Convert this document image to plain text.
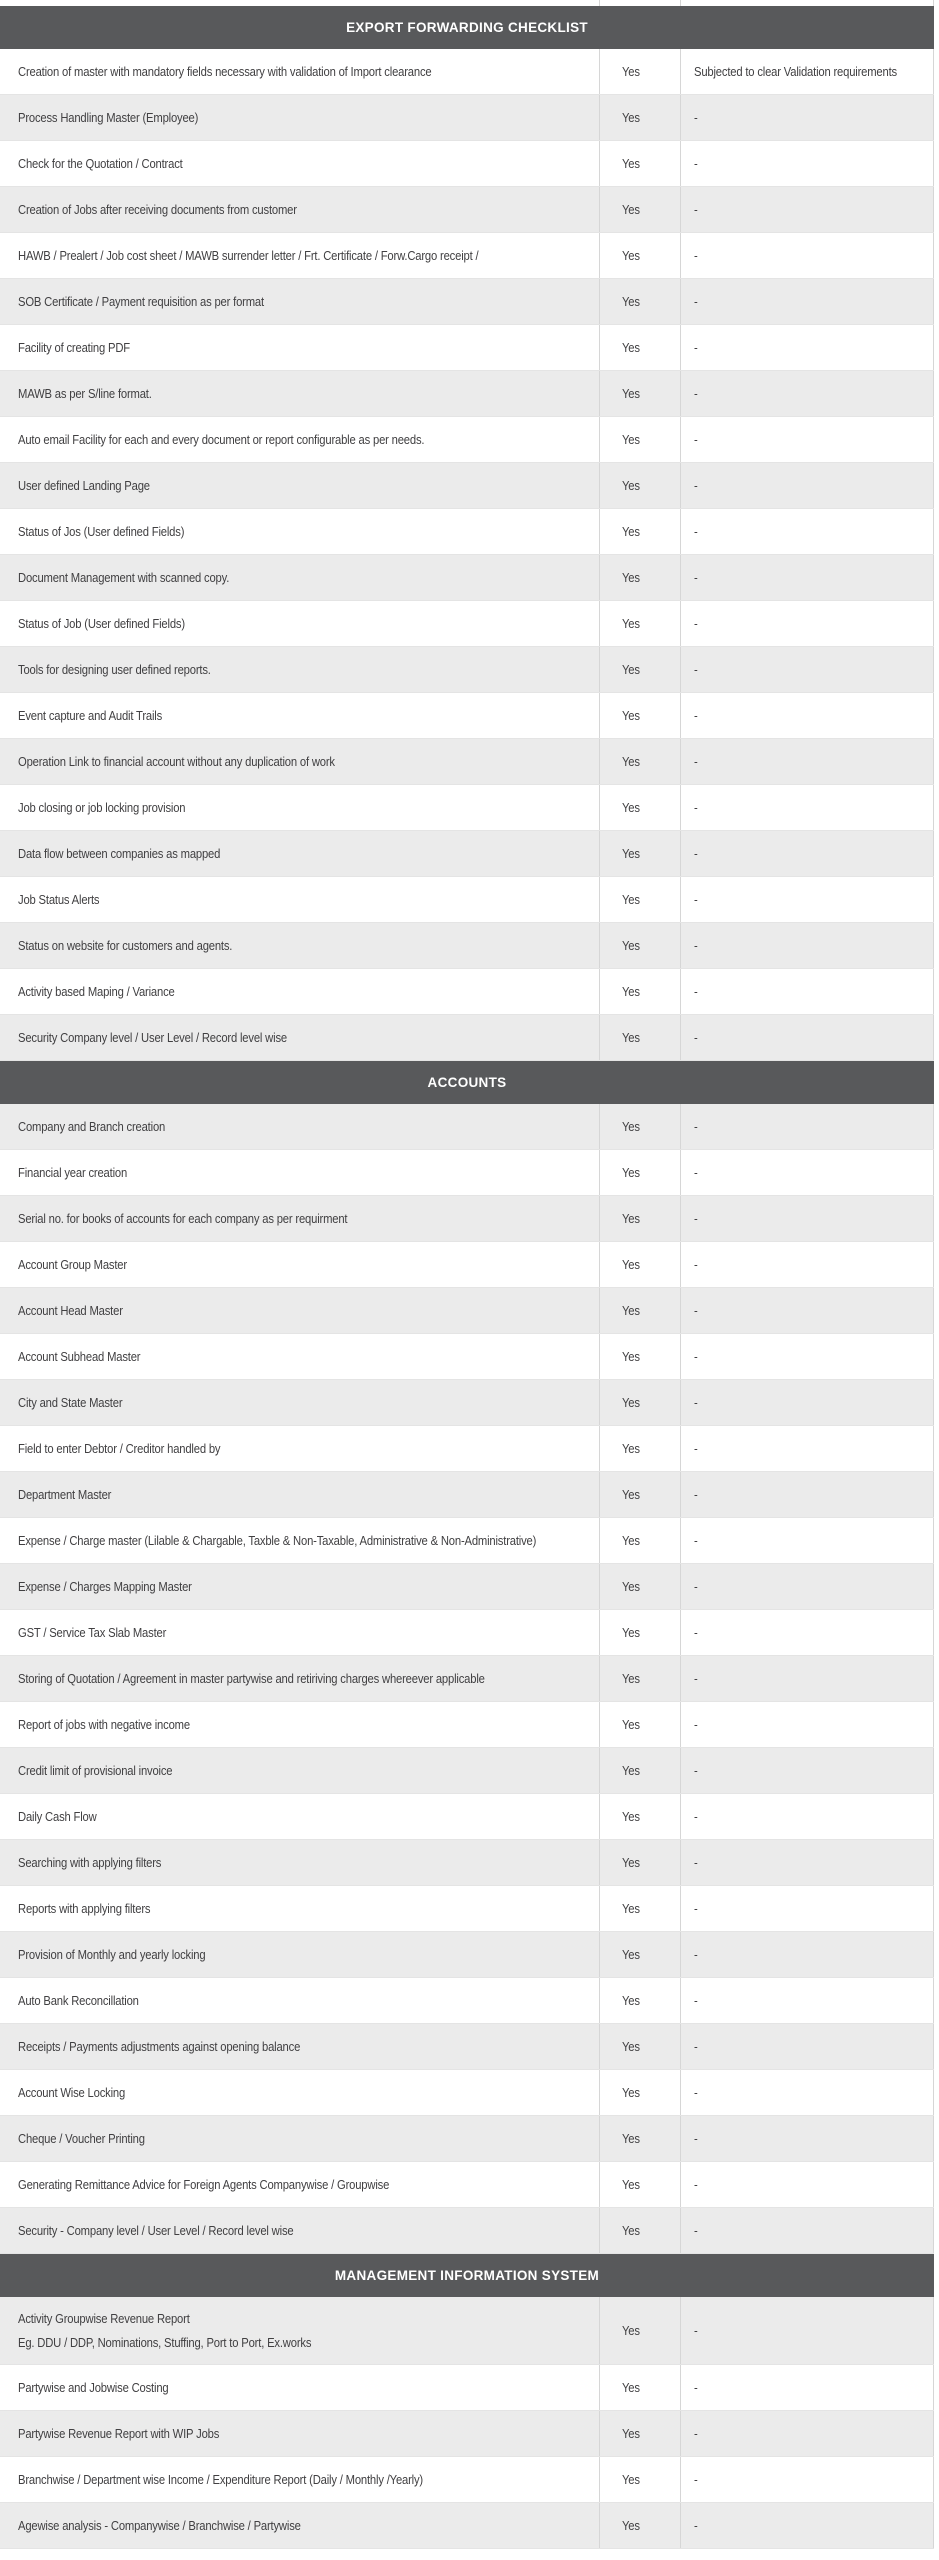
EXPORT FORWARDING CHECKLIST
Creation of master with mandatory fields necessary with validation of Import clearance	Yes	Subjected to clear Validation requirements
Process Handling Master (Employee)	Yes	-
Check for the Quotation / Contract	Yes	-
Creation of Jobs after receiving documents from customer	Yes	-
HAWB / Prealert / Job cost sheet / MAWB surrender letter / Frt. Certificate / Forw.Cargo receipt /	Yes	-
SOB Certificate / Payment requisition as per format	Yes	-
Facility of creating PDF	Yes	-
MAWB as per S/line format.	Yes	-
Auto email Facility for each and every document or report configurable as per needs.	Yes	-
User defined Landing Page	Yes	-
Status of Jos (User defined Fields)	Yes	-
Document Management with scanned copy.	Yes	-
Status of Job (User defined Fields)	Yes	-
Tools for designing user defined reports.	Yes	-
Event capture and Audit Trails	Yes	-
Operation Link to financial account without any duplication of work	Yes	-
Job closing or job locking provision	Yes	-
Data flow between companies as mapped	Yes	-
Job Status Alerts	Yes	-
Status on website for customers and agents.	Yes	-
Activity based Maping / Variance	Yes	-
Security Company level / User Level / Record level wise	Yes	-
ACCOUNTS
Company and Branch creation	Yes	-
Financial year creation	Yes	-
Serial no. for books of accounts for each company as per requirment	Yes	-
Account Group Master	Yes	-
Account Head Master	Yes	-
Account Subhead Master	Yes	-
City and State Master	Yes	-
Field to enter Debtor / Creditor handled by	Yes	-
Department Master	Yes	-
Expense / Charge master (Lilable & Chargable, Taxble & Non-Taxable, Administrative & Non-Administrative)	Yes	-
Expense / Charges Mapping Master	Yes	-
GST / Service Tax Slab Master	Yes	-
Storing of Quotation / Agreement in master partywise and retiriving charges whereever applicable	Yes	-
Report of jobs with negative income	Yes	-
Credit limit of provisional invoice	Yes	-
Daily Cash Flow	Yes	-
Searching with applying filters	Yes	-
Reports with applying filters	Yes	-
Provision of Monthly and yearly locking	Yes	-
Auto Bank Reconcillation	Yes	-
Receipts / Payments adjustments against opening balance	Yes	-
Account Wise Locking	Yes	-
Cheque / Voucher Printing	Yes	-
Generating Remittance Advice for Foreign Agents Companywise / Groupwise	Yes	-
Security - Company level / User Level / Record level wise	Yes	-
MANAGEMENT INFORMATION SYSTEM
Activity Groupwise Revenue Report
Eg. DDU / DDP, Nominations, Stuffing, Port to Port, Ex.works
Yes	-
Partywise and Jobwise Costing	Yes	-
Partywise Revenue Report with WIP Jobs	Yes	-
Branchwise / Department wise Income / Expenditure Report (Daily / Monthly /Yearly)	Yes	-
Agewise analysis - Companywise / Branchwise / Partywise	Yes	-
